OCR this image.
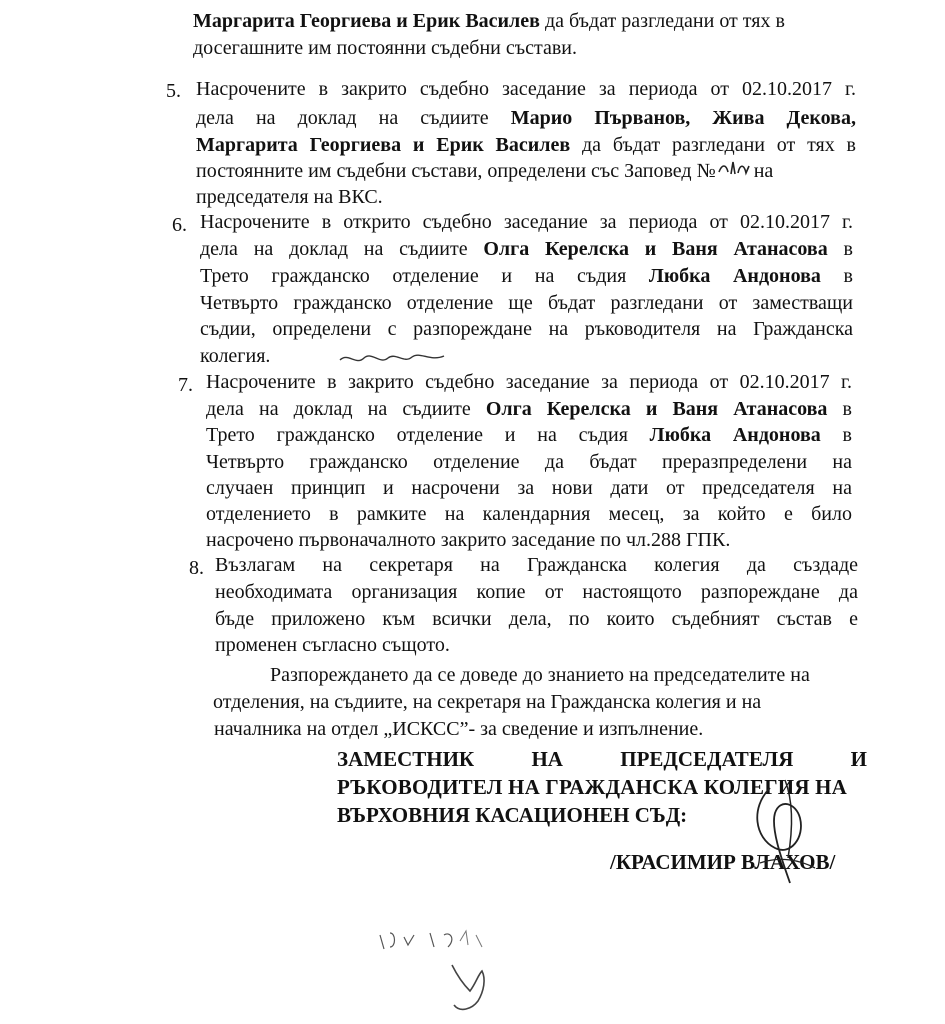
Маргарита Георгиева и Ерик Василев да бъдат разгледани от тях в
досегашните им постоянни съдебни състави.
5. Насрочените в закрито съдебно заседание за периода от 02.10.2017 г.
дела на доклад на съдиите Марио Първанов, Жива Декова,
Маргарита Георгиева и Ерик Василев да бъдат разгледани от тях в
постоянните им съдебни състави, определени със Заповед № на
председателя на ВКС.
6. Насрочените в открито съдебно заседание за периода от 02.10.2017 г.
дела на доклад на съдиите Олга Керелска и Ваня Атанасова в
Трето гражданско отделение и на съдия Любка Андонова в
Четвърто гражданско отделение ще бъдат разгледани от заместващи
съдии, определени с разпореждане на ръководителя на Гражданска
колегия.
7. Насрочените в закрито съдебно заседание за периода от 02.10.2017 г.
дела на доклад на съдиите Олга Керелска и Ваня Атанасова в
Трето гражданско отделение и на съдия Любка Андонова в
Четвърто гражданско отделение да бъдат преразпределени на
случаен принцип и насрочени за нови дати от председателя на
отделението в рамките на календарния месец, за който е било
насрочено първоначалното закрито заседание по чл.288 ГПК.
8. Възлагам на секретаря на Гражданска колегия да създаде
необходимата организация копие от настоящото разпореждане да
бъде приложено към всички дела, по които съдебният състав е
променен съгласно същото.
Разпореждането да се доведе до знанието на председателите на
отделения, на съдиите, на секретаря на Гражданска колегия и на
началника на отдел „ИСКСС”- за сведение и изпълнение.
ЗАМЕСТНИК	НА	ПРЕДСЕДАТЕЛЯ	И
РЪКОВОДИТЕЛ НА ГРАЖДАНСКА КОЛЕГИЯ НА
ВЪРХОВНИЯ КАСАЦИОНЕН СЪД:
/КРАСИМИР ВЛАХОВ/
